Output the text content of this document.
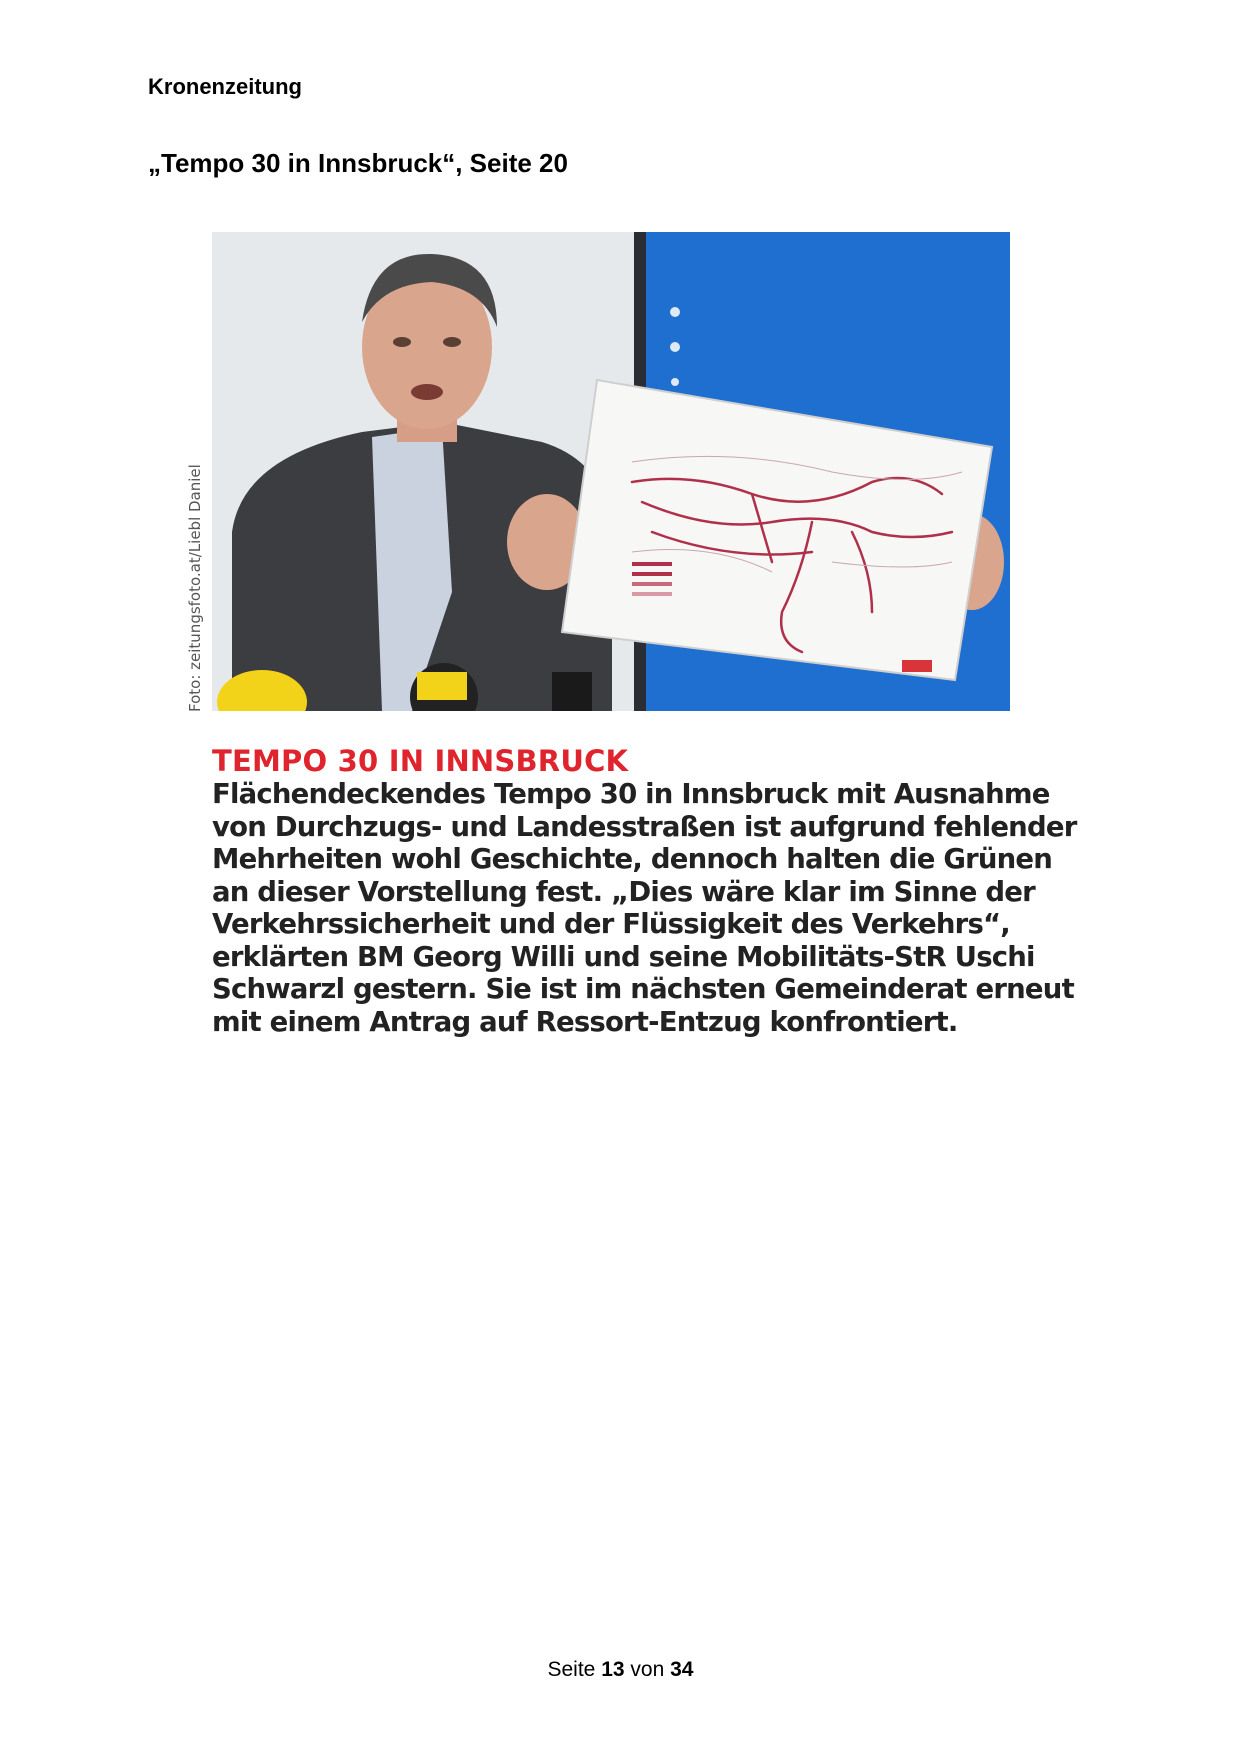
Kronenzeitung
„Tempo 30 in Innsbruck“, Seite 20
Foto: zeitungsfoto.at/Liebl Daniel
TEMPO 30 IN INNSBRUCK
Flächendeckendes Tempo 30 in Innsbruck mit Ausnahme
von Durchzugs- und Landesstraßen ist aufgrund fehlender
Mehrheiten wohl Geschichte, dennoch halten die Grünen
an dieser Vorstellung fest. „Dies wäre klar im Sinne der
Verkehrssicherheit und der Flüssigkeit des Verkehrs“,
erklärten BM Georg Willi und seine Mobilitäts-StR Uschi
Schwarzl gestern. Sie ist im nächsten Gemeinderat erneut
mit einem Antrag auf Ressort-Entzug konfrontiert.
Seite 13 von 34
